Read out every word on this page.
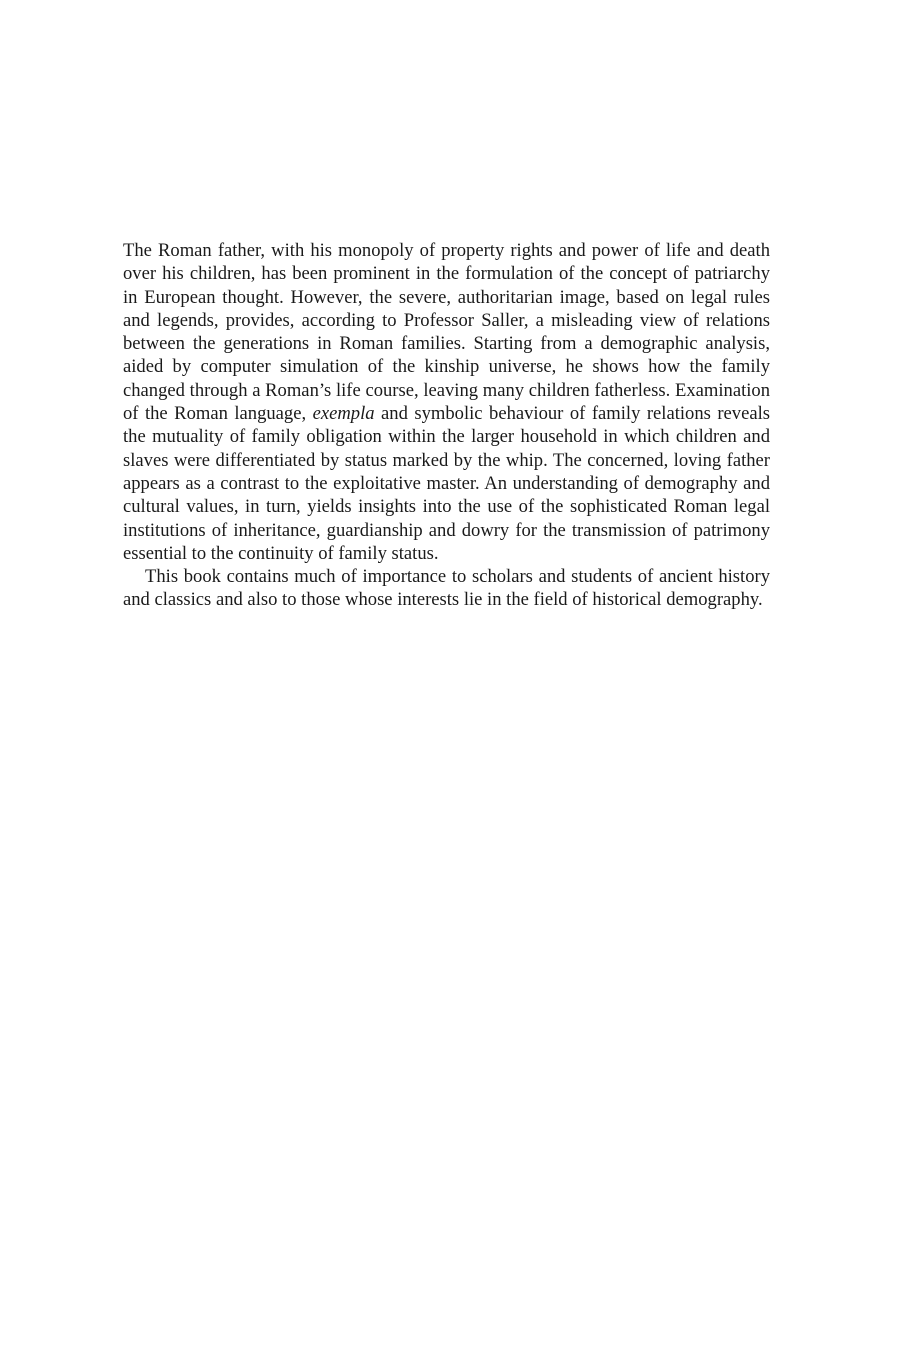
The Roman father, with his monopoly of property rights and power of life and death over his children, has been prominent in the formulation of the concept of patriarchy in European thought. However, the severe, authoritarian image, based on legal rules and legends, provides, according to Professor Saller, a misleading view of relations between the generations in Roman families. Starting from a demographic analysis, aided by computer simulation of the kinship universe, he shows how the family changed through a Roman’s life course, leaving many children fatherless. Examination of the Roman language, exempla and symbolic behaviour of family relations reveals the mutuality of family obligation within the larger household in which children and slaves were differentiated by status marked by the whip. The concerned, loving father appears as a contrast to the exploitative master. An understanding of demography and cultural values, in turn, yields insights into the use of the sophisticated Roman legal institutions of inheritance, guardianship and dowry for the transmission of patrimony essential to the continuity of family status.

This book contains much of importance to scholars and students of ancient history and classics and also to those whose interests lie in the field of historical demography.
